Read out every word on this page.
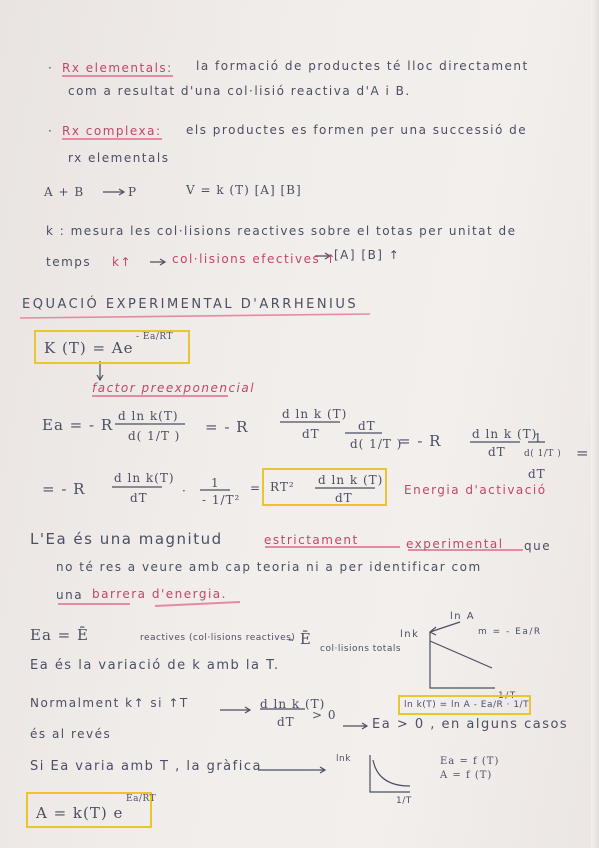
· Rx elementals: la formació de productes té lloc directament
com a resultat d'una col·lisió reactiva d'A i B.
· Rx complexa: els productes es formen per una successió de
rx elementals
A + B	P	V = k (T) [A] [B]
k : mesura les col·lisions reactives sobre el totas per unitat de
temps k↑	col·lisions efectives ↑
[A] [B] ↑
EQUACIÓ EXPERIMENTAL D'ARRHENIUS
K (T) = Ae
- Ea/RT
factor preexponencial
Ea = - R d ln k(T)
d( 1/T ) = - R
d ln k (T)
dT
dT
d( 1/T )
= - R	d ln k (T)
dT
1
d( 1/T )
dT
=
= - R
d ln k(T)
dT	·
1
- 1/T²
= RT² d ln k (T)
dT
Energia d'activació
L'Ea és una magnitud	estrictament	experimental que
no té res a veure amb cap teoria ni a per identificar com
una barrera d'energia.
Ea = Ē	reactives (col·lisions reactives)
- Ē
col·lisions totals
Ea és la variació de k amb la T.
ln A
lnk	m = - Ea/R
1/T
Normalment k↑ si ↑T	d ln k (T)
dT > 0
Ea > 0 , en alguns casos
ln k(T) = ln A - Ea/R · 1/T
és al revés
Si Ea varia amb T , la gràfica	lnk
1/T
Ea = f (T)
A = f (T)
A = k(T) e
Ea/RT
